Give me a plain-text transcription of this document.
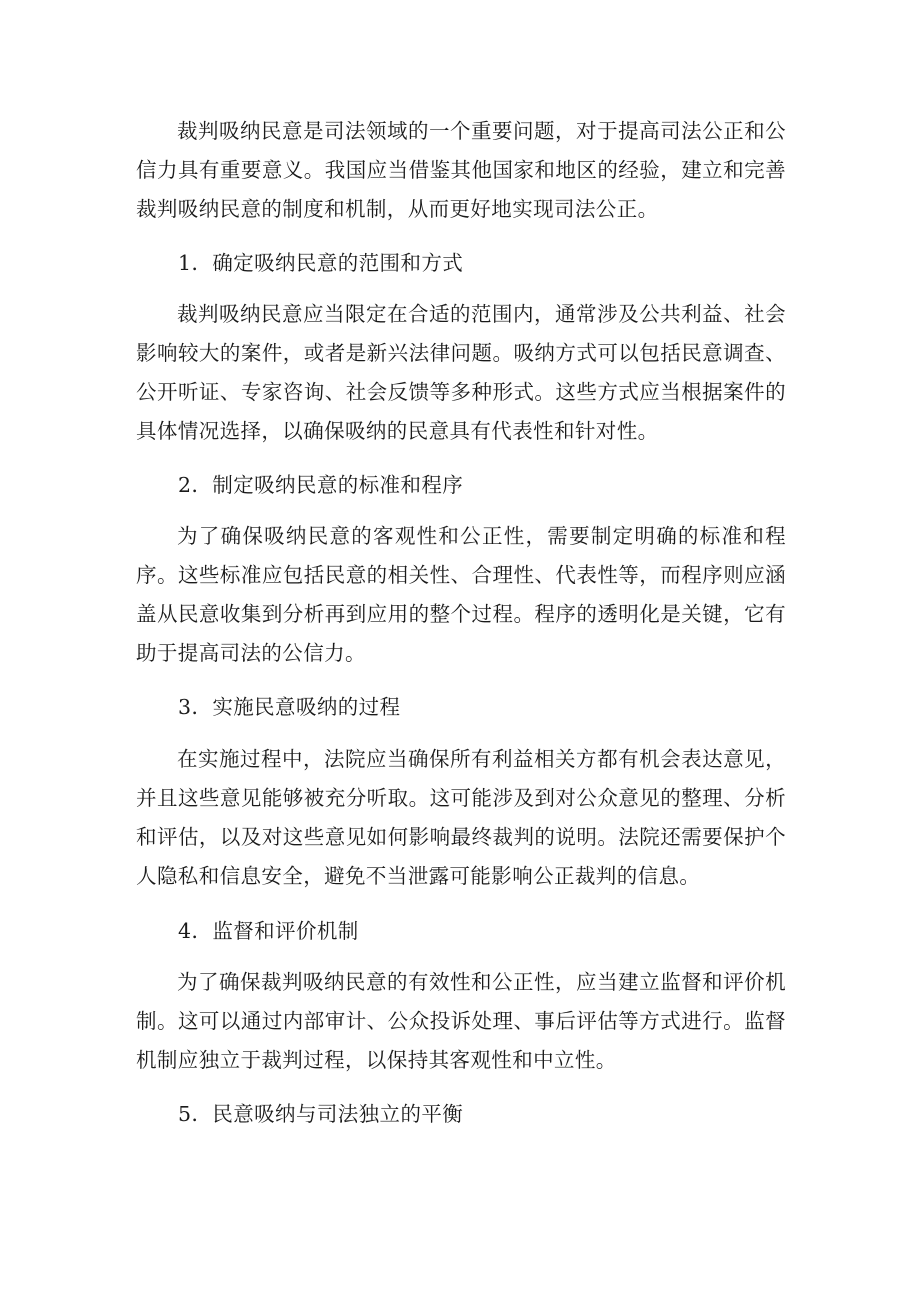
裁判吸纳民意是司法领域的一个重要问题，对于提高司法公正和公信力具有重要意义。我国应当借鉴其他国家和地区的经验，建立和完善裁判吸纳民意的制度和机制，从而更好地实现司法公正。

1．确定吸纳民意的范围和方式

裁判吸纳民意应当限定在合适的范围内，通常涉及公共利益、社会影响较大的案件，或者是新兴法律问题。吸纳方式可以包括民意调查、公开听证、专家咨询、社会反馈等多种形式。这些方式应当根据案件的具体情况选择，以确保吸纳的民意具有代表性和针对性。

2．制定吸纳民意的标准和程序

为了确保吸纳民意的客观性和公正性，需要制定明确的标准和程序。这些标准应包括民意的相关性、合理性、代表性等，而程序则应涵盖从民意收集到分析再到应用的整个过程。程序的透明化是关键，它有助于提高司法的公信力。

3．实施民意吸纳的过程

在实施过程中，法院应当确保所有利益相关方都有机会表达意见，并且这些意见能够被充分听取。这可能涉及到对公众意见的整理、分析和评估，以及对这些意见如何影响最终裁判的说明。法院还需要保护个人隐私和信息安全，避免不当泄露可能影响公正裁判的信息。

4．监督和评价机制

为了确保裁判吸纳民意的有效性和公正性，应当建立监督和评价机制。这可以通过内部审计、公众投诉处理、事后评估等方式进行。监督机制应独立于裁判过程，以保持其客观性和中立性。

5．民意吸纳与司法独立的平衡
